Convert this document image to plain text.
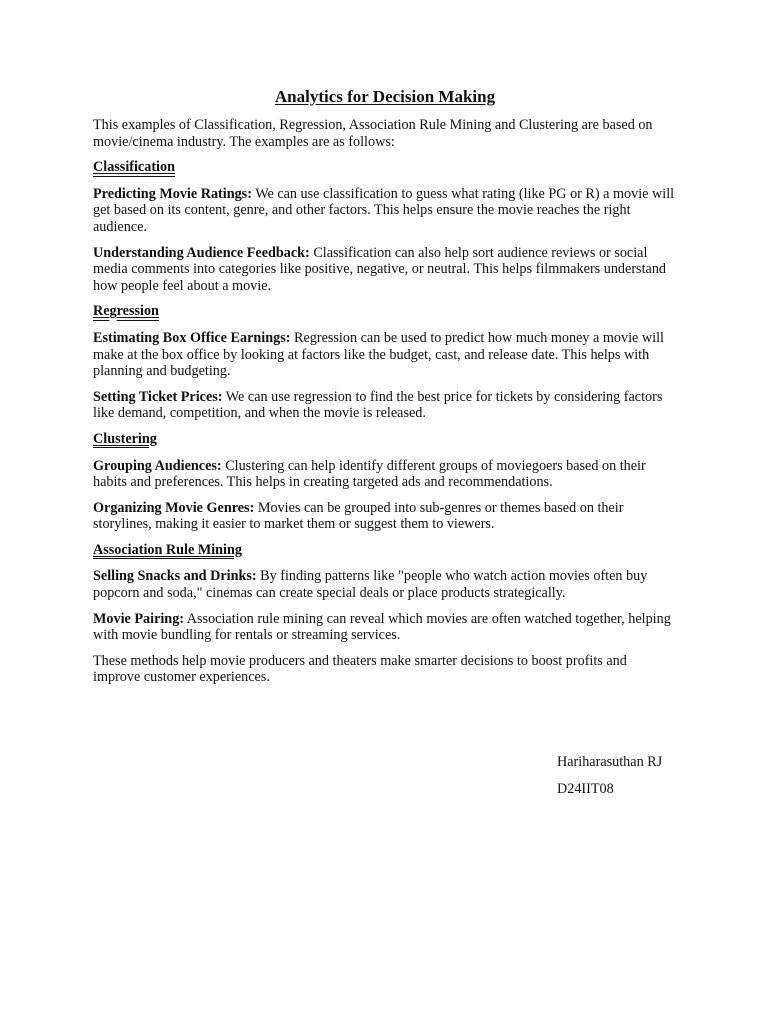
Analytics for Decision Making

This examples of Classification, Regression, Association Rule Mining and Clustering are based on movie/cinema industry. The examples are as follows:

Classification

Predicting Movie Ratings: We can use classification to guess what rating (like PG or R) a movie will get based on its content, genre, and other factors. This helps ensure the movie reaches the right audience.

Understanding Audience Feedback: Classification can also help sort audience reviews or social media comments into categories like positive, negative, or neutral. This helps filmmakers understand how people feel about a movie.

Regression

Estimating Box Office Earnings: Regression can be used to predict how much money a movie will make at the box office by looking at factors like the budget, cast, and release date. This helps with planning and budgeting.

Setting Ticket Prices: We can use regression to find the best price for tickets by considering factors like demand, competition, and when the movie is released.

Clustering

Grouping Audiences: Clustering can help identify different groups of moviegoers based on their habits and preferences. This helps in creating targeted ads and recommendations.

Organizing Movie Genres: Movies can be grouped into sub-genres or themes based on their storylines, making it easier to market them or suggest them to viewers.

Association Rule Mining

Selling Snacks and Drinks: By finding patterns like "people who watch action movies often buy popcorn and soda," cinemas can create special deals or place products strategically.

Movie Pairing: Association rule mining can reveal which movies are often watched together, helping with movie bundling for rentals or streaming services.

These methods help movie producers and theaters make smarter decisions to boost profits and improve customer experiences.

Hariharasuthan RJ
D24IIT08
